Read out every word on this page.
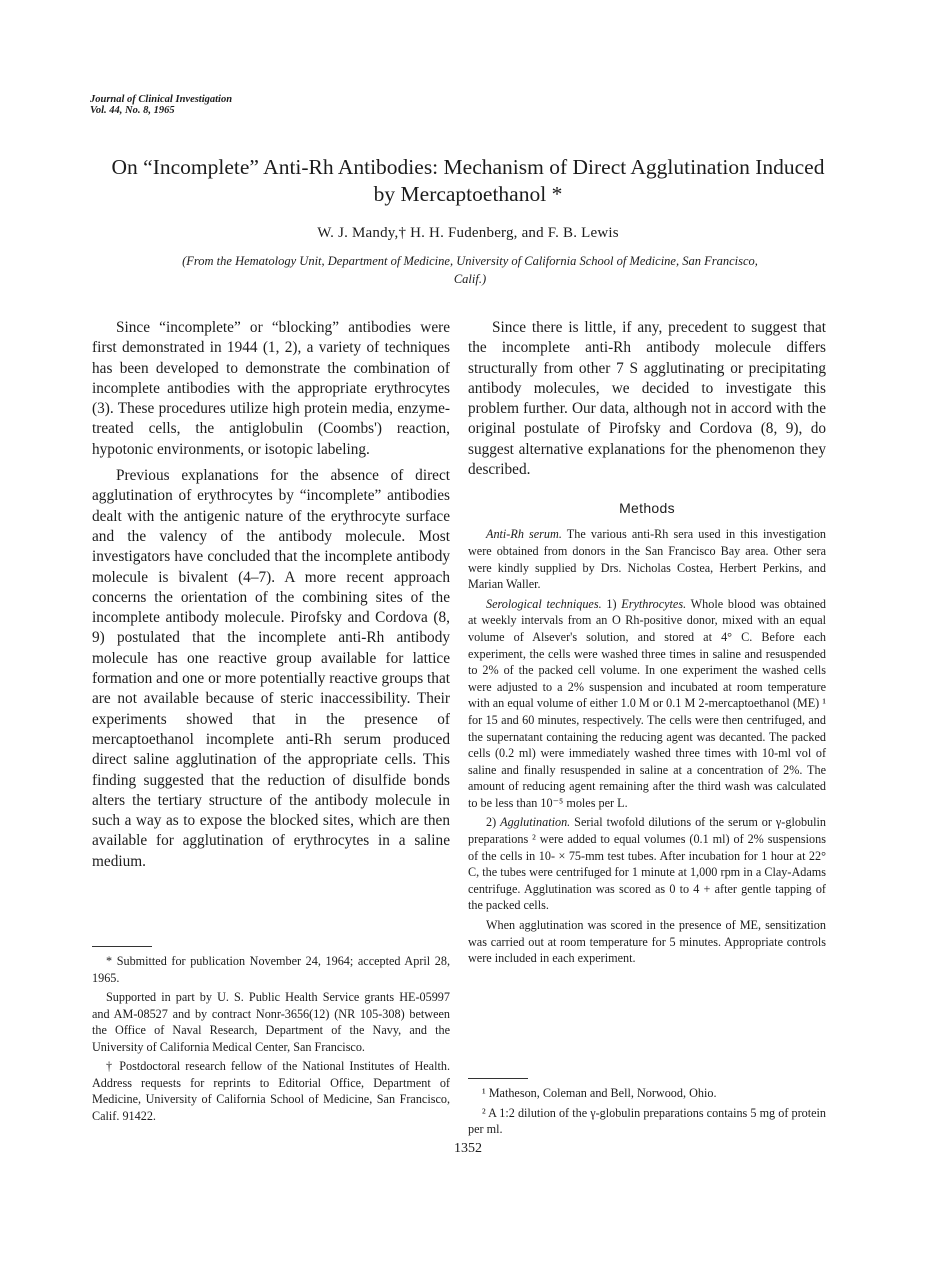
Journal of Clinical Investigation
Vol. 44, No. 8, 1965
On “Incomplete” Anti-Rh Antibodies: Mechanism of Direct Agglutination Induced by Mercaptoethanol *
W. J. Mandy,† H. H. Fudenberg, and F. B. Lewis
(From the Hematology Unit, Department of Medicine, University of California School of Medicine, San Francisco, Calif.)

Since “incomplete” or “blocking” antibodies were first demonstrated in 1944 (1, 2), a variety of techniques has been developed to demonstrate the combination of incomplete antibodies with the appropriate erythrocytes (3). These procedures utilize high protein media, enzyme-treated cells, the antiglobulin (Coombs') reaction, hypotonic environments, or isotopic labeling.

Previous explanations for the absence of direct agglutination of erythrocytes by “incomplete” antibodies dealt with the antigenic nature of the erythrocyte surface and the valency of the antibody molecule. Most investigators have concluded that the incomplete antibody molecule is bivalent (4–7). A more recent approach concerns the orientation of the combining sites of the incomplete antibody molecule. Pirofsky and Cordova (8, 9) postulated that the incomplete anti-Rh antibody molecule has one reactive group available for lattice formation and one or more potentially reactive groups that are not available because of steric inaccessibility. Their experiments showed that in the presence of mercaptoethanol incomplete anti-Rh serum produced direct saline agglutination of the appropriate cells. This finding suggested that the reduction of disulfide bonds alters the tertiary structure of the antibody molecule in such a way as to expose the blocked sites, which are then available for agglutination of erythrocytes in a saline medium.

* Submitted for publication November 24, 1964; accepted April 28, 1965.

Supported in part by U. S. Public Health Service grants HE-05997 and AM-08527 and by contract Nonr-3656(12) (NR 105-308) between the Office of Naval Research, Department of the Navy, and the University of California Medical Center, San Francisco.

† Postdoctoral research fellow of the National Institutes of Health. Address requests for reprints to Editorial Office, Department of Medicine, University of California School of Medicine, San Francisco, Calif. 91422.

Since there is little, if any, precedent to suggest that the incomplete anti-Rh antibody molecule differs structurally from other 7 S agglutinating or precipitating antibody molecules, we decided to investigate this problem further. Our data, although not in accord with the original postulate of Pirofsky and Cordova (8, 9), do suggest alternative explanations for the phenomenon they described.

Methods

Anti-Rh serum. The various anti-Rh sera used in this investigation were obtained from donors in the San Francisco Bay area. Other sera were kindly supplied by Drs. Nicholas Costea, Herbert Perkins, and Marian Waller.

Serological techniques. 1) Erythrocytes. Whole blood was obtained at weekly intervals from an O Rh-positive donor, mixed with an equal volume of Alsever's solution, and stored at 4° C. Before each experiment, the cells were washed three times in saline and resuspended to 2% of the packed cell volume. In one experiment the washed cells were adjusted to a 2% suspension and incubated at room temperature with an equal volume of either 1.0 M or 0.1 M 2-mercaptoethanol (ME) ¹ for 15 and 60 minutes, respectively. The cells were then centrifuged, and the supernatant containing the reducing agent was decanted. The packed cells (0.2 ml) were immediately washed three times with 10-ml vol of saline and finally resuspended in saline at a concentration of 2%. The amount of reducing agent remaining after the third wash was calculated to be less than 10⁻⁵ moles per L.

2) Agglutination. Serial twofold dilutions of the serum or γ-globulin preparations ² were added to equal volumes (0.1 ml) of 2% suspensions of the cells in 10- × 75-mm test tubes. After incubation for 1 hour at 22° C, the tubes were centrifuged for 1 minute at 1,000 rpm in a Clay-Adams centrifuge. Agglutination was scored as 0 to 4 + after gentle tapping of the packed cells.

When agglutination was scored in the presence of ME, sensitization was carried out at room temperature for 5 minutes. Appropriate controls were included in each experiment.

¹ Matheson, Coleman and Bell, Norwood, Ohio.

² A 1:2 dilution of the γ-globulin preparations contains 5 mg of protein per ml.

1352
